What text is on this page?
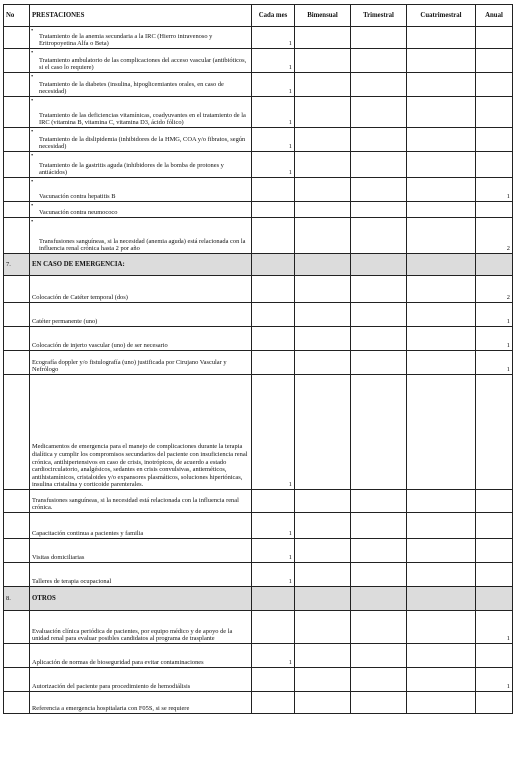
No	PRESTACIONES	Cada mes	Bimensual	Trimestral	Cuatrimestral	Anual
	• Tratamiento de la anemia secundaria a la IRC (Hierro intravenoso y Eritropoyetina Alfa o Beta)	1				
	• Tratamiento ambulatorio de las complicaciones del acceso vascular (antibióticos, si el caso lo requiere)	1				
	• Tratamiento de la diabetes (insulina, hipoglicemiantes orales, en caso de necesidad)	1				
	• Tratamiento de las deficiencias vitamínicas, coadyuvantes en el tratamiento de la IRC (vitamina B, vitamina C, vitamina D3, ácido fólico)	1				
	• Tratamiento de la dislipidemia (inhibidores de la HMG, COA y/o fibratos, según necesidad)	1				
	• Tratamiento de la gastritis aguda (inhibidores de la bomba de protones y antiácidos)	1				
	• Vacunación contra hepatitis B					1
	• Vacunación contra neumococo					
	• Transfusiones sanguíneas, si la necesidad (anemia aguda) está relacionada con la influencia renal crónica hasta 2 por año					2
7.	EN CASO DE EMERGENCIA:					
	Colocación de Catéter temporal (dos)					2
	Catéter permanente (uno)					1
	Colocación de injerto vascular (uno) de ser necesario					1
	Ecografía doppler y/o fistulografía (uno) justificada por Cirujano Vascular y Nefrólogo					1
	Medicamentos de emergencia para el manejo de complicaciones durante la terapia dialítica y cumplir los compromisos secundarios del paciente con insuficiencia renal crónica, antihipertensivos en caso de crisis, inotrópicos, de acuerdo a estado cardiocirculatorio, analgésicos, sedantes en crisis convulsivas, antieméticos, antihistamínicos, cristaloides y/o expansores plasmáticos, soluciones hipertónicas, insulina cristalina y corticoide parenterales.	1				
	Transfusiones sanguíneas, si la necesidad está relacionada con la influencia renal crónica.					
	Capacitación continua a pacientes y familia	1				
	Visitas domiciliarias	1				
	Talleres de terapia ocupacional	1				
8.	OTROS					
	Evaluación clínica periódica de pacientes, por equipo médico y de apoyo de la unidad renal para evaluar posibles candidatos al programa de trasplante					1
	Aplicación de normas de bioseguridad para evitar contaminaciones	1				
	Autorización del paciente para procedimiento de hemodiálisis					1
	Referencia a emergencia hospitalaria con F05S, si se requiere					
